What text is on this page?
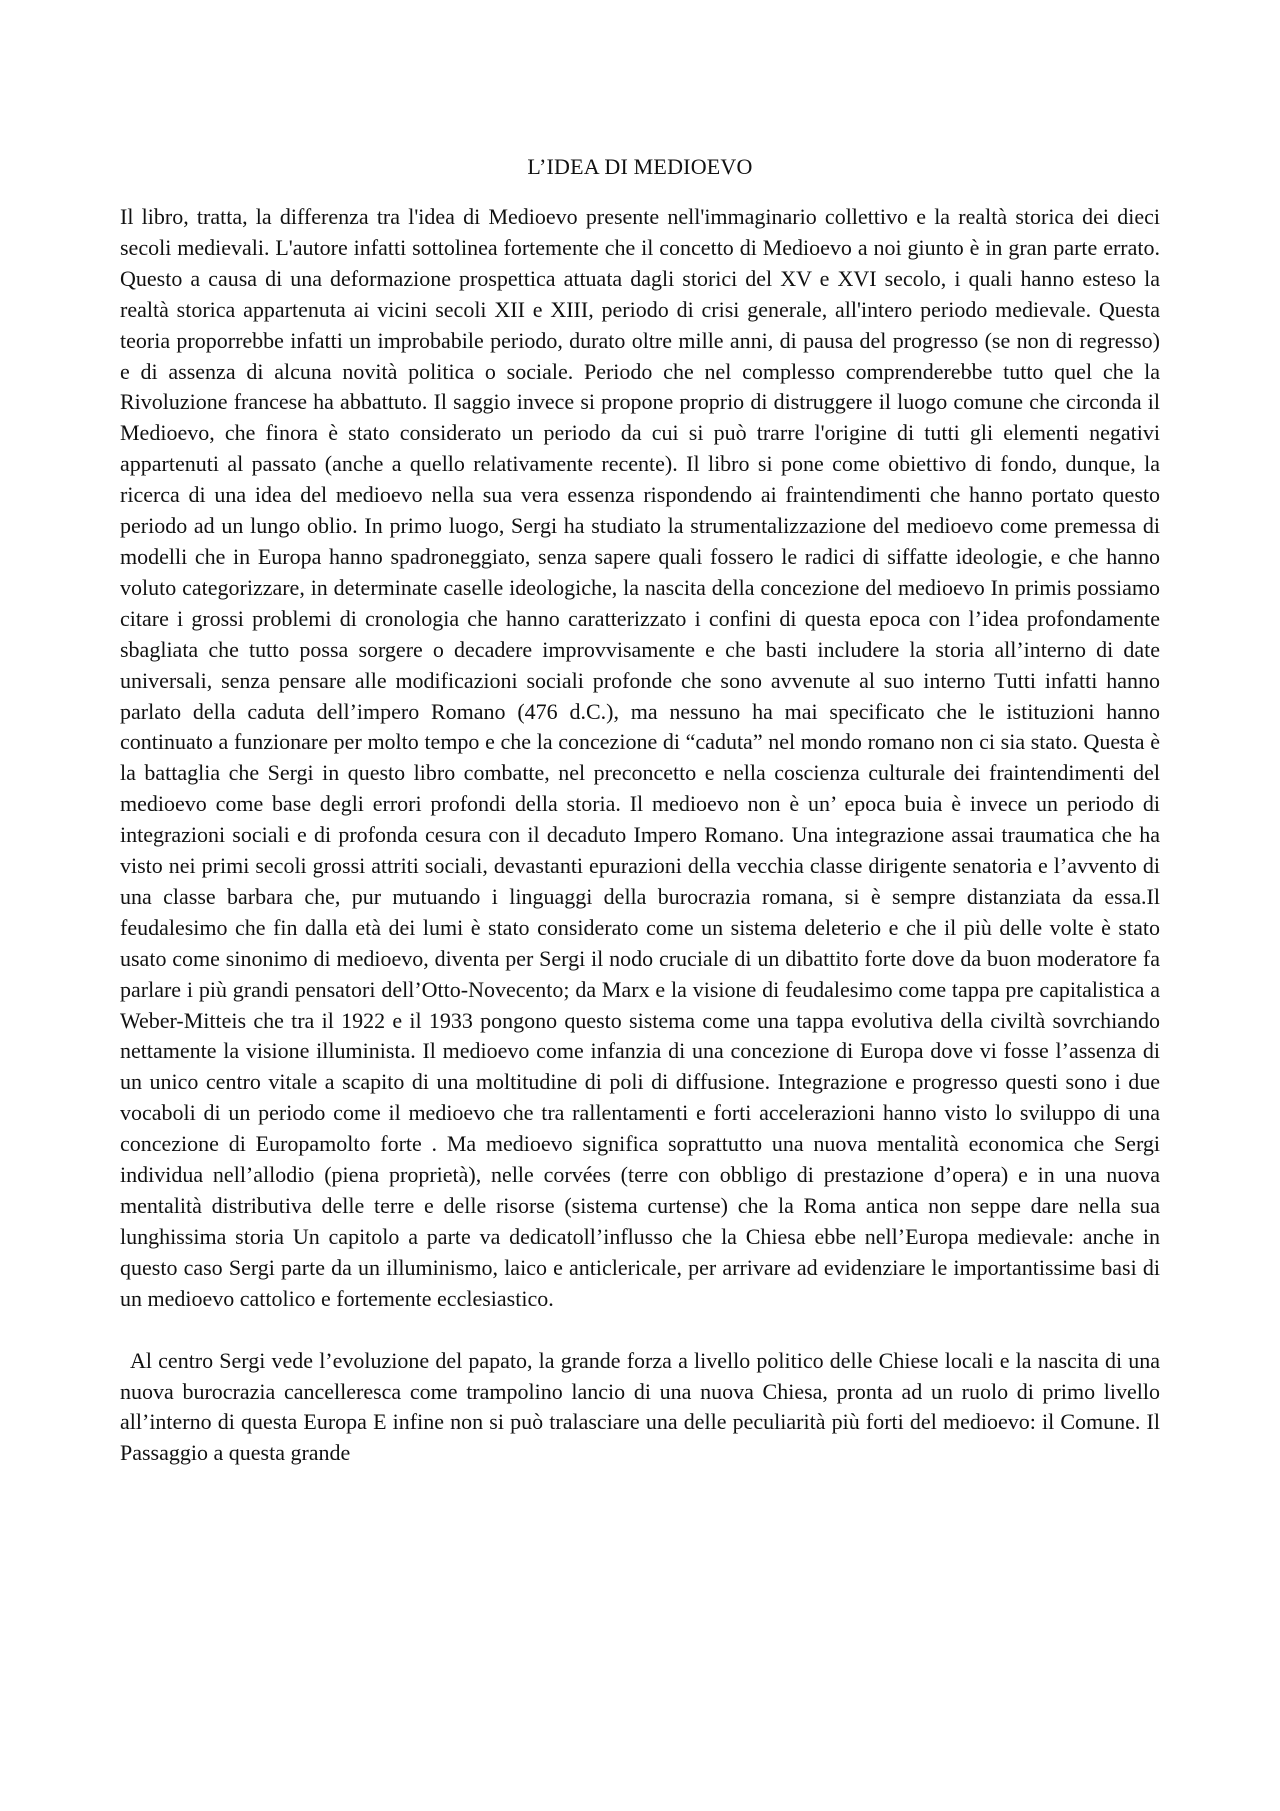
L’IDEA DI MEDIOEVO

Il libro, tratta, la differenza tra l'idea di Medioevo presente nell'immaginario collettivo e la realtà storica dei dieci secoli medievali. L'autore infatti sottolinea fortemente che il concetto di Medioevo a noi giunto è in gran parte errato. Questo a causa di una deformazione prospettica attuata dagli storici del XV e XVI secolo, i quali hanno esteso la realtà storica appartenuta ai vicini secoli XII e XIII, periodo di crisi generale, all'intero periodo medievale. Questa teoria proporrebbe infatti un improbabile periodo, durato oltre mille anni, di pausa del progresso (se non di regresso) e di assenza di alcuna novità politica o sociale. Periodo che nel complesso comprenderebbe tutto quel che la Rivoluzione francese ha abbattuto. Il saggio invece si propone proprio di distruggere il luogo comune che circonda il Medioevo, che finora è stato considerato un periodo da cui si può trarre l'origine di tutti gli elementi negativi appartenuti al passato (anche a quello relativamente recente). Il libro si pone come obiettivo di fondo, dunque, la ricerca di una idea del medioevo nella sua vera essenza rispondendo ai fraintendimenti che hanno portato questo periodo ad un lungo oblio. In primo luogo, Sergi ha studiato la strumentalizzazione del medioevo come premessa di modelli che in Europa hanno spadroneggiato, senza sapere quali fossero le radici di siffatte ideologie, e che hanno voluto categorizzare, in determinate caselle ideologiche, la nascita della concezione del medioevo In primis possiamo citare i grossi problemi di cronologia che hanno caratterizzato i confini di questa epoca con l’idea profondamente sbagliata che tutto possa sorgere o decadere improvvisamente e che basti includere la storia all’interno di date universali, senza pensare alle modificazioni sociali profonde che sono avvenute al suo interno Tutti infatti hanno parlato della caduta dell’impero Romano (476 d.C.), ma nessuno ha mai specificato che le istituzioni hanno continuato a funzionare per molto tempo e che la concezione di “caduta” nel mondo romano non ci sia stato. Questa è la battaglia che Sergi in questo libro combatte, nel preconcetto e nella coscienza culturale dei fraintendimenti del medioevo come base degli errori profondi della storia. Il medioevo non è un’ epoca buia è invece un periodo di integrazioni sociali e di profonda cesura con il decaduto Impero Romano. Una integrazione assai traumatica che ha visto nei primi secoli grossi attriti sociali, devastanti epurazioni della vecchia classe dirigente senatoria e l’avvento di una classe barbara che, pur mutuando i linguaggi della burocrazia romana, si è sempre distanziata da essa.Il feudalesimo che fin dalla età dei lumi è stato considerato come un sistema deleterio e che il più delle volte è stato usato come sinonimo di medioevo, diventa per Sergi il nodo cruciale di un dibattito forte dove da buon moderatore fa parlare i più grandi pensatori dell’Otto-Novecento; da Marx e la visione di feudalesimo come tappa pre capitalistica a Weber-Mitteis che tra il 1922 e il 1933 pongono questo sistema come una tappa evolutiva della civiltà sovrchiando nettamente la visione illuminista. Il medioevo come infanzia di una concezione di Europa dove vi fosse l’assenza di un unico centro vitale a scapito di una moltitudine di poli di diffusione. Integrazione e progresso questi sono i due vocaboli di un periodo come il medioevo che tra rallentamenti e forti accelerazioni hanno visto lo sviluppo di una concezione di Europamolto forte . Ma medioevo significa soprattutto una nuova mentalità economica che Sergi individua nell’allodio (piena proprietà), nelle corvées (terre con obbligo di prestazione d’opera) e in una nuova mentalità distributiva delle terre e delle risorse (sistema curtense) che la Roma antica non seppe dare nella sua lunghissima storia Un capitolo a parte va dedicatoll’influsso che la Chiesa ebbe nell’Europa medievale: anche in questo caso Sergi parte da un illuminismo, laico e anticlericale, per arrivare ad evidenziare le importantissime basi di un medioevo cattolico e fortemente ecclesiastico.

Al centro Sergi vede l’evoluzione del papato, la grande forza a livello politico delle Chiese locali e la nascita di una nuova burocrazia cancelleresca come trampolino lancio di una nuova Chiesa, pronta ad un ruolo di primo livello all’interno di questa Europa E infine non si può tralasciare una delle peculiarità più forti del medioevo: il Comune. Il Passaggio a questa grande
